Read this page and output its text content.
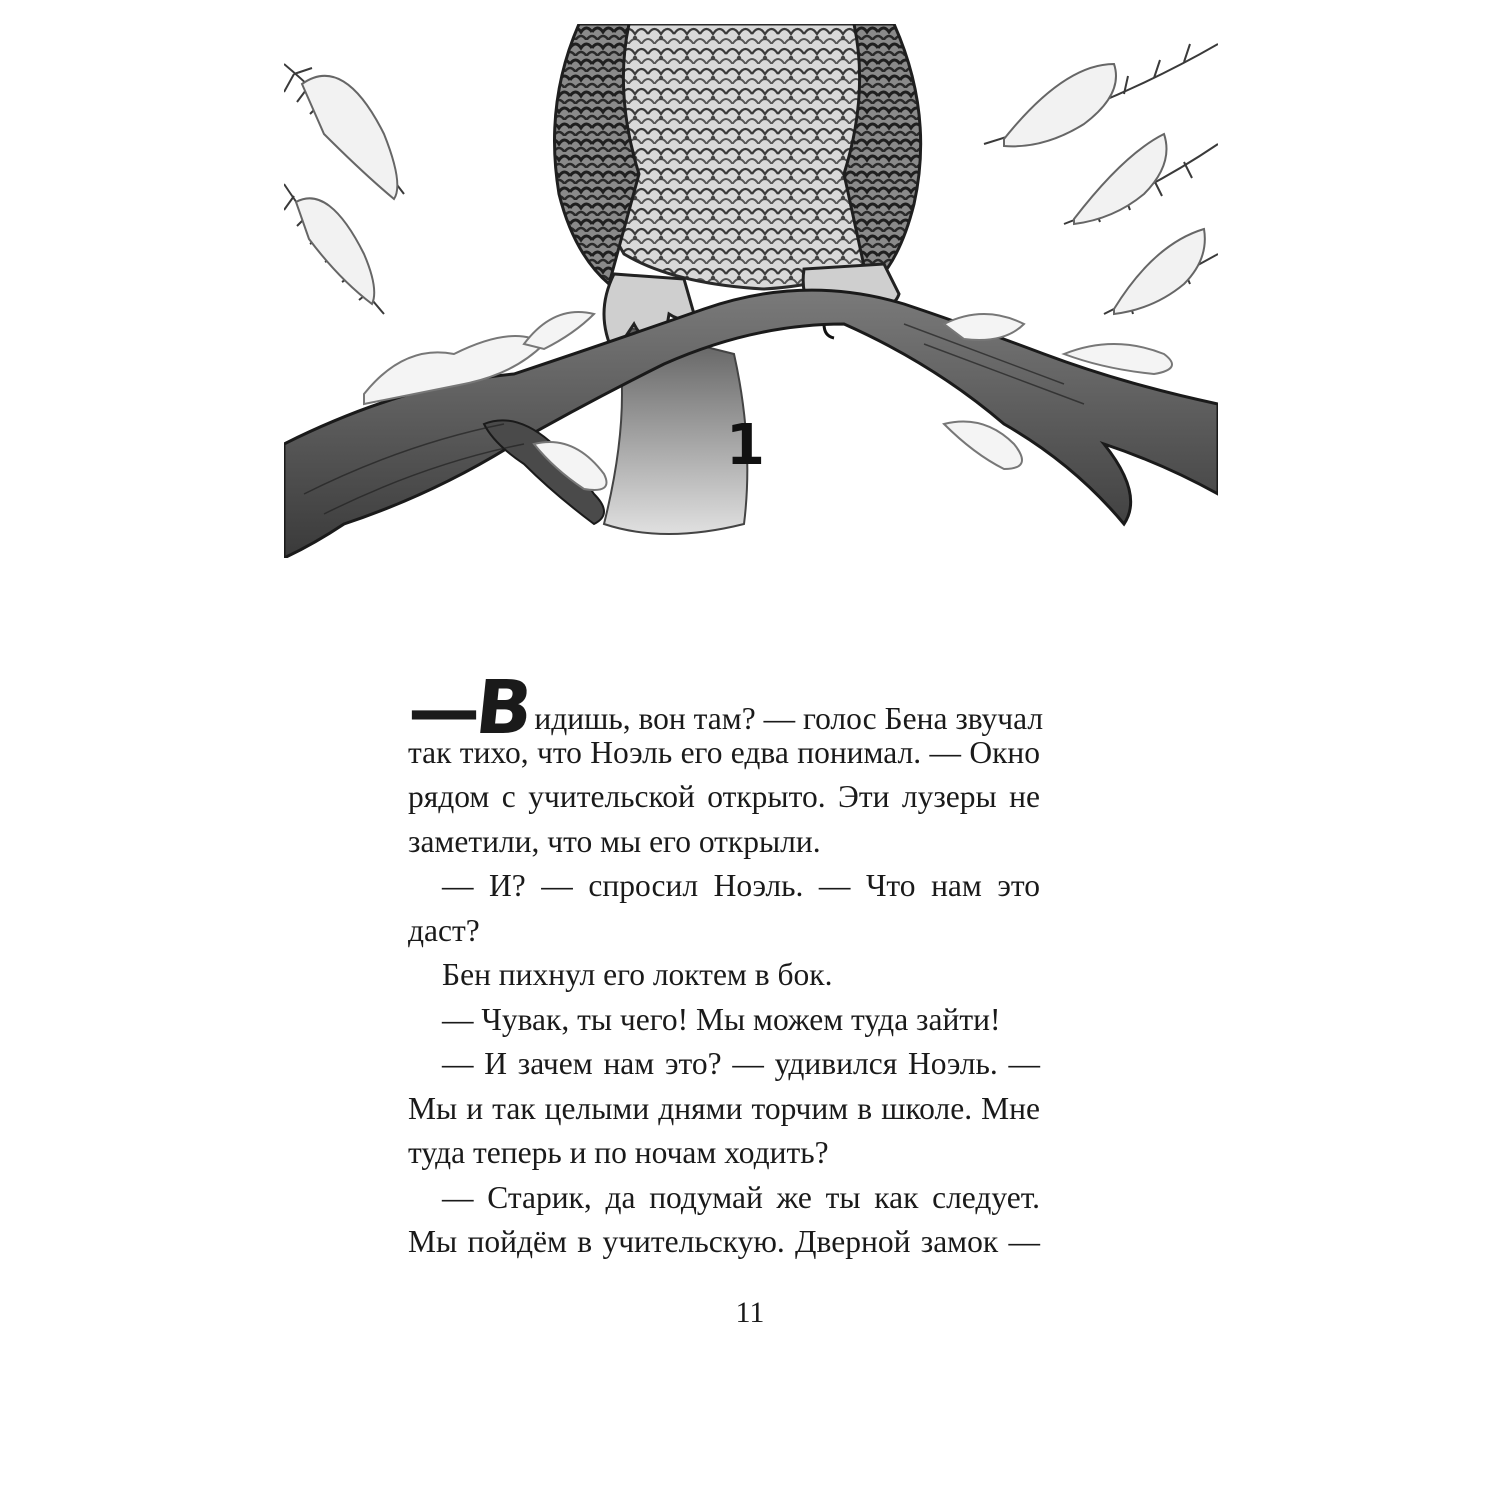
1
—Видишь, вон там? — голос Бена звучал
так тихо, что Ноэль его едва понимал. — Окно
рядом с учительской открыто. Эти лузеры не
заметили, что мы его открыли.
— И? — спросил Ноэль. — Что нам это
даст?
Бен пихнул его локтем в бок.
— Чувак, ты чего! Мы можем туда зайти!
— И зачем нам это? — удивился Ноэль. —
Мы и так целыми днями торчим в школе. Мне
туда теперь и по ночам ходить?
— Старик, да подумай же ты как следует.
Мы пойдём в учительскую. Дверной замок —
11
